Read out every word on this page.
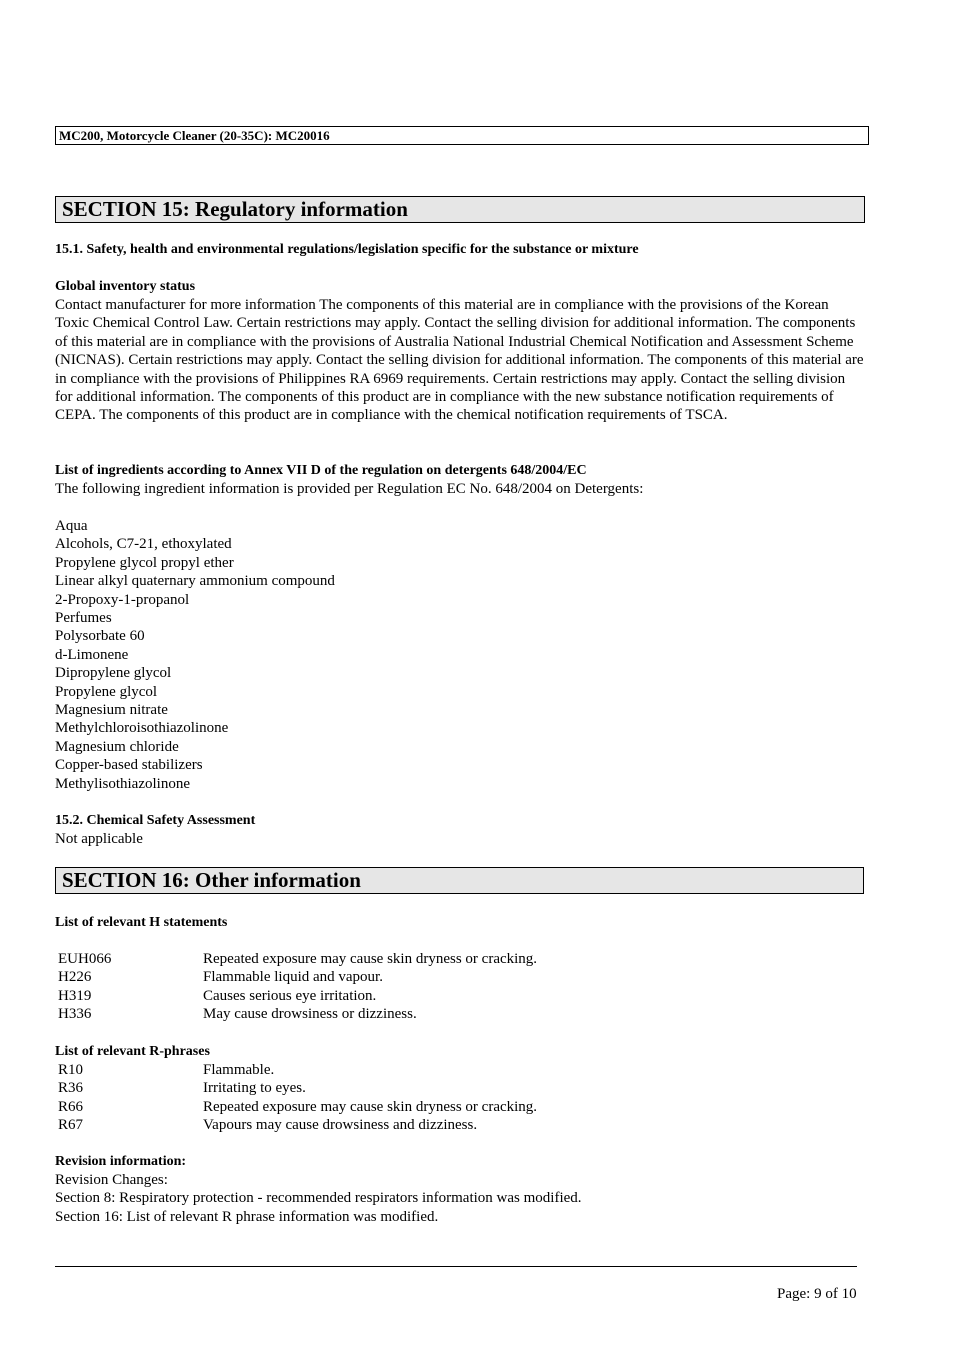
MC200, Motorcycle Cleaner (20-35C): MC20016
SECTION 15: Regulatory information
15.1. Safety, health and environmental regulations/legislation specific for the substance or mixture
Global inventory status
Contact manufacturer for more information The components of this material are in compliance with the provisions of the Korean Toxic Chemical Control Law. Certain restrictions may apply. Contact the selling division for additional information. The components of this material are in compliance with the provisions of Australia National Industrial Chemical Notification and Assessment Scheme (NICNAS). Certain restrictions may apply. Contact the selling division for additional information. The components of this material are in compliance with the provisions of Philippines RA 6969 requirements. Certain restrictions may apply. Contact the selling division for additional information. The components of this product are in compliance with the new substance notification requirements of CEPA. The components of this product are in compliance with the chemical notification requirements of TSCA.
List of ingredients according to Annex VII D of the regulation on detergents 648/2004/EC
The following ingredient information is provided per Regulation EC No. 648/2004 on Detergents:
Aqua
Alcohols, C7-21, ethoxylated
Propylene glycol propyl ether
Linear alkyl quaternary ammonium compound
2-Propoxy-1-propanol
Perfumes
Polysorbate 60
d-Limonene
Dipropylene glycol
Propylene glycol
Magnesium nitrate
Methylchloroisothiazolinone
Magnesium chloride
Copper-based stabilizers
Methylisothiazolinone
15.2. Chemical Safety Assessment
Not applicable
SECTION 16: Other information
List of relevant H statements
EUH066	Repeated exposure may cause skin dryness or cracking.
H226	Flammable liquid and vapour.
H319	Causes serious eye irritation.
H336	May cause drowsiness or dizziness.
List of relevant R-phrases
R10	Flammable.
R36	Irritating to eyes.
R66	Repeated exposure may cause skin dryness or cracking.
R67	Vapours may cause drowsiness and dizziness.
Revision information:
Revision Changes:
Section 8: Respiratory protection - recommended respirators information was modified.
Section 16: List of relevant R phrase information was modified.
Page: 9 of 10
